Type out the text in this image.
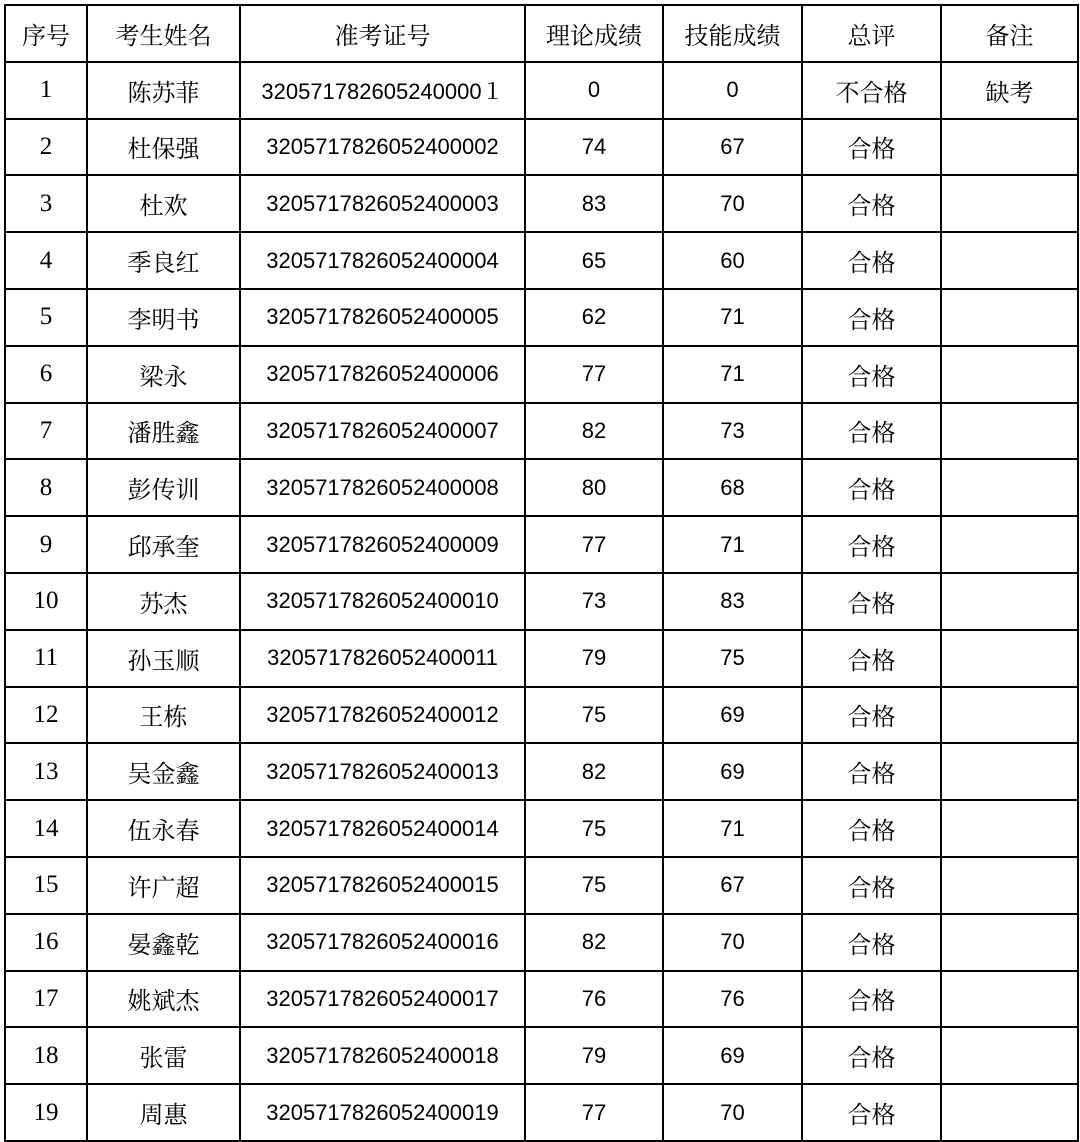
序号	考生姓名	准考证号	理论成绩	技能成绩	总评	备注
1	陈苏菲	320571782605240000１	0	0	不合格	缺考
2	杜保强	3205717826052400002	74	67	合格	
3	杜欢	3205717826052400003	83	70	合格	
4	季良红	3205717826052400004	65	60	合格	
5	李明书	3205717826052400005	62	71	合格	
6	梁永	3205717826052400006	77	71	合格	
7	潘胜鑫	3205717826052400007	82	73	合格	
8	彭传训	3205717826052400008	80	68	合格	
9	邱承奎	3205717826052400009	77	71	合格	
10	苏杰	3205717826052400010	73	83	合格	
11	孙玉顺	3205717826052400011	79	75	合格	
12	王栋	3205717826052400012	75	69	合格	
13	吴金鑫	3205717826052400013	82	69	合格	
14	伍永春	3205717826052400014	75	71	合格	
15	许广超	3205717826052400015	75	67	合格	
16	晏鑫乾	3205717826052400016	82	70	合格	
17	姚斌杰	3205717826052400017	76	76	合格	
18	张雷	3205717826052400018	79	69	合格	
19	周惠	3205717826052400019	77	70	合格	
